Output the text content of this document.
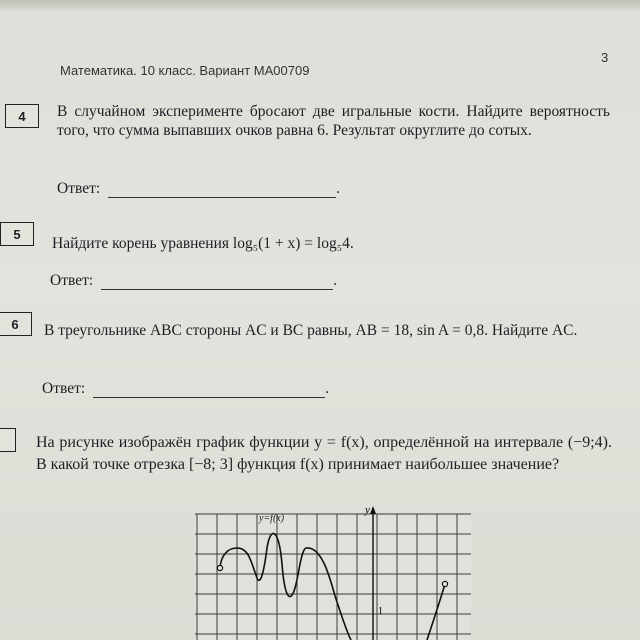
Математика. 10 класс. Вариант МА00709
3
4	В случайном эксперименте бросают две игральные кости. Найдите вероятность того, что сумма выпавших очков равна 6. Результат округлите до сотых.
Ответ:	.
5
Найдите корень уравнения log₅(1 + x) = log₅4.
Ответ:	.
6	В треугольнике ABC стороны AC и BC равны, AB = 18, sin A = 0,8. Найдите AC.
Ответ:	.
На рисунке изображён график функции y = f(x), определённой на интервале (−9;4). В какой точке отрезка [−8; 3] функция f(x) принимает наибольшее значение?
y
y=f(x)
1
